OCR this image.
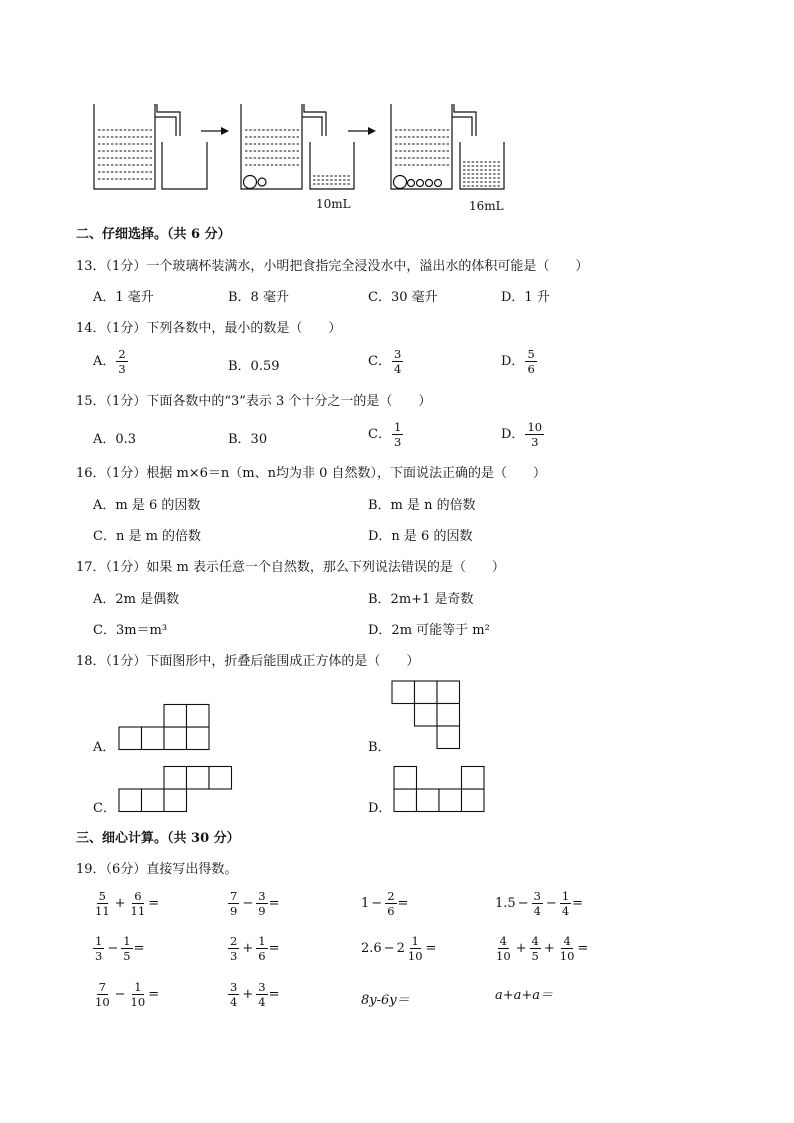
10mL	16mL
二、仔细选择。（共 6 分）
13．（1分）一个玻璃杯装满水，小明把食指完全浸没水中，溢出水的体积可能是（　　）
A．1 毫升	B．8 毫升	C．30 毫升	D．1 升
14．（1分）下列各数中，最小的数是（　　）
A． $\frac{2}{3}$	B．0.59	C． $\frac{3}{4}$	D． $\frac{5}{6}$
15．（1分）下面各数中的“3”表示 3 个十分之一的是（　　）
A．0.3	B．30	C． $\frac{1}{3}$	D． $\frac{10}{3}$
16．（1分）根据 m×6＝n（m、n均为非 0 自然数），下面说法正确的是（　　）
A．m 是 6 的因数	B．m 是 n 的倍数
C．n 是 m 的倍数	D．n 是 6 的因数
17．（1分）如果 m 表示任意一个自然数，那么下列说法错误的是（　　）
A．2m 是偶数	B．2m+1 是奇数
C．3m＝m³	D．2m 可能等于 m²
18．（1分）下面图形中，折叠后能围成正方体的是（　　）
A．	B．
C．	D．
三、细心计算。（共 30 分）
19．（6分）直接写出得数。
$\frac{5}{11} + \frac{6}{11}$ =	$\frac{7}{9} - \frac{3}{9}$ =	$1 - \frac{2}{6}$ =	$1.5 - \frac{3}{4} - \frac{1}{4}$ =
$\frac{1}{3} - \frac{1}{5}$ =	$\frac{2}{3} + \frac{1}{6}$ =	$2.6 - 2 \frac{1}{10}$ =	$\frac{4}{10} + \frac{4}{5} + \frac{4}{10}$ =
$\frac{7}{10} - \frac{1}{10}$ =	$\frac{3}{4} + \frac{3}{4}$ =	8y-6y＝	a+a+a＝
